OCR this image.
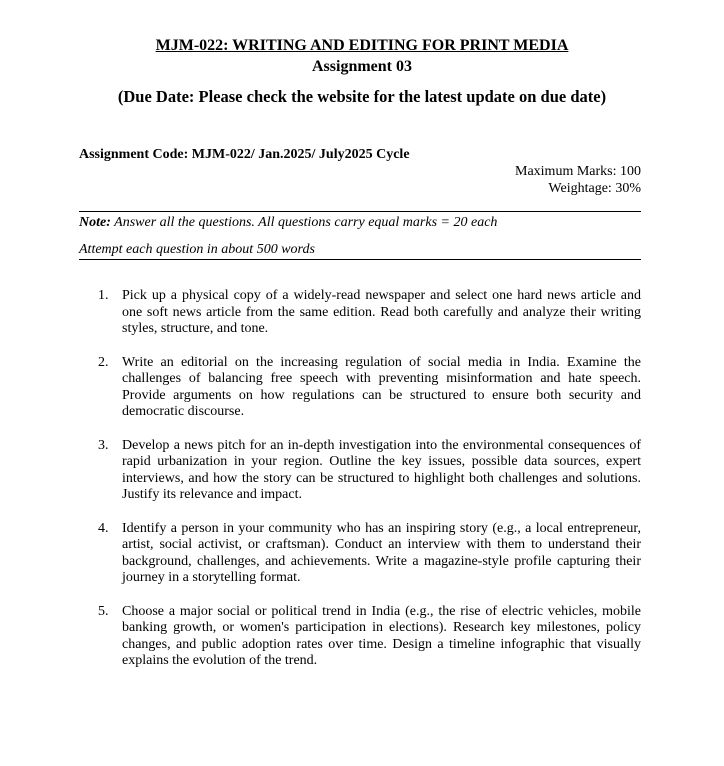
MJM-022: WRITING AND EDITING FOR PRINT MEDIA
Assignment 03
(Due Date: Please check the website for the latest update on due date)
Assignment Code: MJM-022/ Jan.2025/ July2025 Cycle
Maximum Marks: 100
Weightage: 30%
Note: Answer all the questions. All questions carry equal marks = 20 each
Attempt each question in about 500 words
1. Pick up a physical copy of a widely-read newspaper and select one hard news article and one soft news article from the same edition. Read both carefully and analyze their writing styles, structure, and tone.
2. Write an editorial on the increasing regulation of social media in India. Examine the challenges of balancing free speech with preventing misinformation and hate speech. Provide arguments on how regulations can be structured to ensure both security and democratic discourse.
3. Develop a news pitch for an in-depth investigation into the environmental consequences of rapid urbanization in your region. Outline the key issues, possible data sources, expert interviews, and how the story can be structured to highlight both challenges and solutions. Justify its relevance and impact.
4. Identify a person in your community who has an inspiring story (e.g., a local entrepreneur, artist, social activist, or craftsman). Conduct an interview with them to understand their background, challenges, and achievements. Write a magazine-style profile capturing their journey in a storytelling format.
5. Choose a major social or political trend in India (e.g., the rise of electric vehicles, mobile banking growth, or women's participation in elections). Research key milestones, policy changes, and public adoption rates over time. Design a timeline infographic that visually explains the evolution of the trend.
